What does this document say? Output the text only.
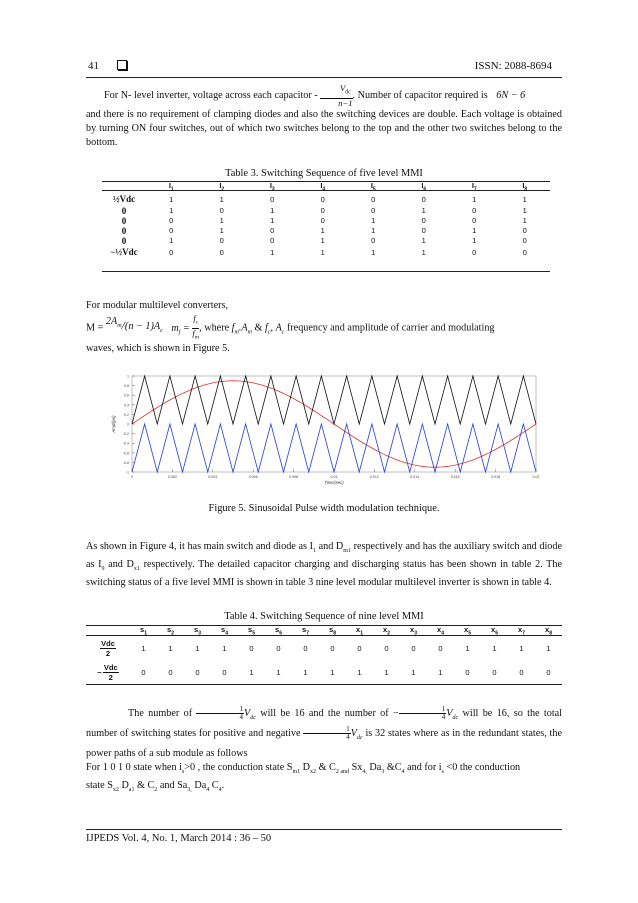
41	ISSN: 2088-8694
For N- level inverter, voltage across each capacitor - $\frac{V_{dc}}{n-1}$ . Number of capacitor required is 6N − 6
and there is no requirement of clamping diodes and also the switching devices are double. Each voltage is obtained by turning ON four switches, out of which two switches belong to the top and the other two switches belong to the bottom.
Table 3. Switching Sequence of five level MMI
	$I_1$	$I_2$	$I_3$	$I_4$	$I_5$	$I_6$	$I_7$	$I_8$
½Vdc	1	1	0	0	0	0	1	1
0	1	0	1	0	0	1	0	1
0	0	1	1	0	1	0	0	1
0	0	1	0	1	1	0	1	0
0	1	0	0	1	0	1	1	0
−½Vdc	0	0	1	1	1	1	0	0
For modular multilevel converters,
$M = 2A_m/(n - 1)A_c$ $m_f = \frac{f_c}{f_m}$ , where $f_m.A_m$ & $f_c$, $A_c$ frequency and amplitude of carrier and modulating
waves, which is shown in Figure 5.
1
0.8
0.6
0.4
0.2
0
-0.2
-0.4
-0.6
-0.8
-1
0	0.002	0.004	0.006	0.008	0.01	0.012	0.014	0.016	0.018	0.02
Time(Sec)
Ampl(pu)
Figure 5. Sinusoidal Pulse width modulation technique.
As shown in Figure 4, it has main switch and diode as $I_1$ and $D_{m1}$ respectively and has the auxiliary switch and diode as $I_9$ and $D_{x1}$ respectively. The detailed capacitor charging and discharging status has been shown in table 2. The switching status of a five level MMI is shown in table 3 nine level modular multilevel inverter is shown in table 4.
Table 4. Switching Sequence of nine level MMI
	$s_1$	$s_2$	$s_3$	$s_4$	$s_5$	$s_6$	$s_7$	$s_8$	$x_1$	$x_2$	$x_3$	$x_4$	$x_5$	$x_6$	$x_7$	$x_8$

Vdc
2	1	1	1	1	0	0	0	0	0	0	0	0	1	1	1	1
−
Vdc
2	0	0	0	0	1	1	1	1	1	1	1	1	0	0	0	0
The number of $\frac{1}{4} V_{dc}$ will be 16 and the number of − $\frac{1}{4} V_{dc}$ will be 16, so the total number of switching states for positive and negative $\frac{1}{4} V_{dc}$ is 32 states where as in the redundant states, the power paths of a sub module as follows
For 1 0 1 0 state when $i_s>0$ , the conduction state $S_{m1}$ $D_{x2}$ & $C_{2 and}$ $Sx_{4,}$ $Da_3$ $\&C_4$ and for $i_s <0$ the conduction
state $S_{x2}$ $D_{a1}$ & $C_2$ and $Sa_{3,}$ $Da_4$ $C_4$.
IJPEDS Vol. 4, No. 1, March 2014 : 36 – 50
